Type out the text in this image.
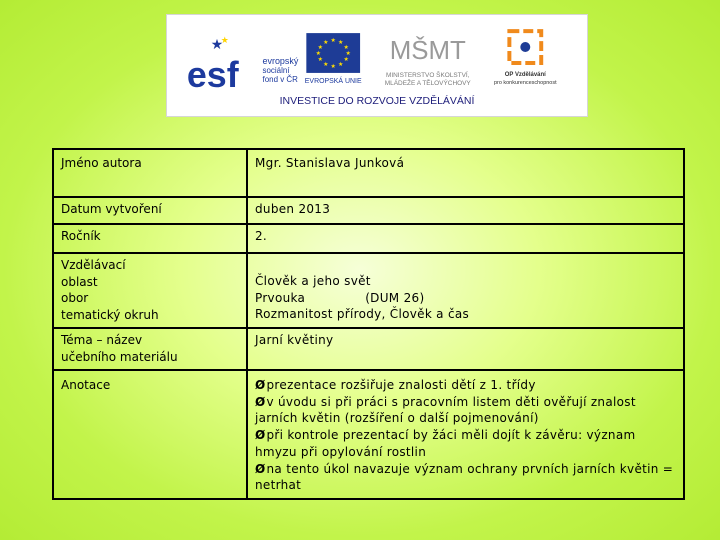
★
★
esf	evropský
sociální
fond v ČR
★ ★
★
★
★
★
★
★
★
★
★
★
EVROPSKÁ UNIE
MŠMT
MINISTERSTVO ŠKOLSTVÍ,
MLÁDEŽE A TĚLOVÝCHOVY
OP Vzdělávání
pro konkurenceschopnost
INVESTICE DO ROZVOJE VZDĚLÁVÁNÍ
Jméno autora	Mgr. Stanislava Junková

Datum vytvoření	duben 2013

Ročník	2.

Vzdělávací
oblast
obor
tematický okruh	Člověk a jeho svět
Prvouka (DUM 26)
Rozmanitost přírody, Člověk a čas

Téma – název
učebního materiálu	Jarní květiny

Anotace	Øprezentace rozšiřuje znalosti dětí z 1. třídy
Øv úvodu si při práci s pracovním listem děti ověřují znalost jarních květin (rozšíření o další pojmenování)
Øpři kontrole prezentací by žáci měli dojít k závěru: význam hmyzu při opylování rostlin
Øna tento úkol navazuje význam ochrany prvních jarních květin = netrhat
